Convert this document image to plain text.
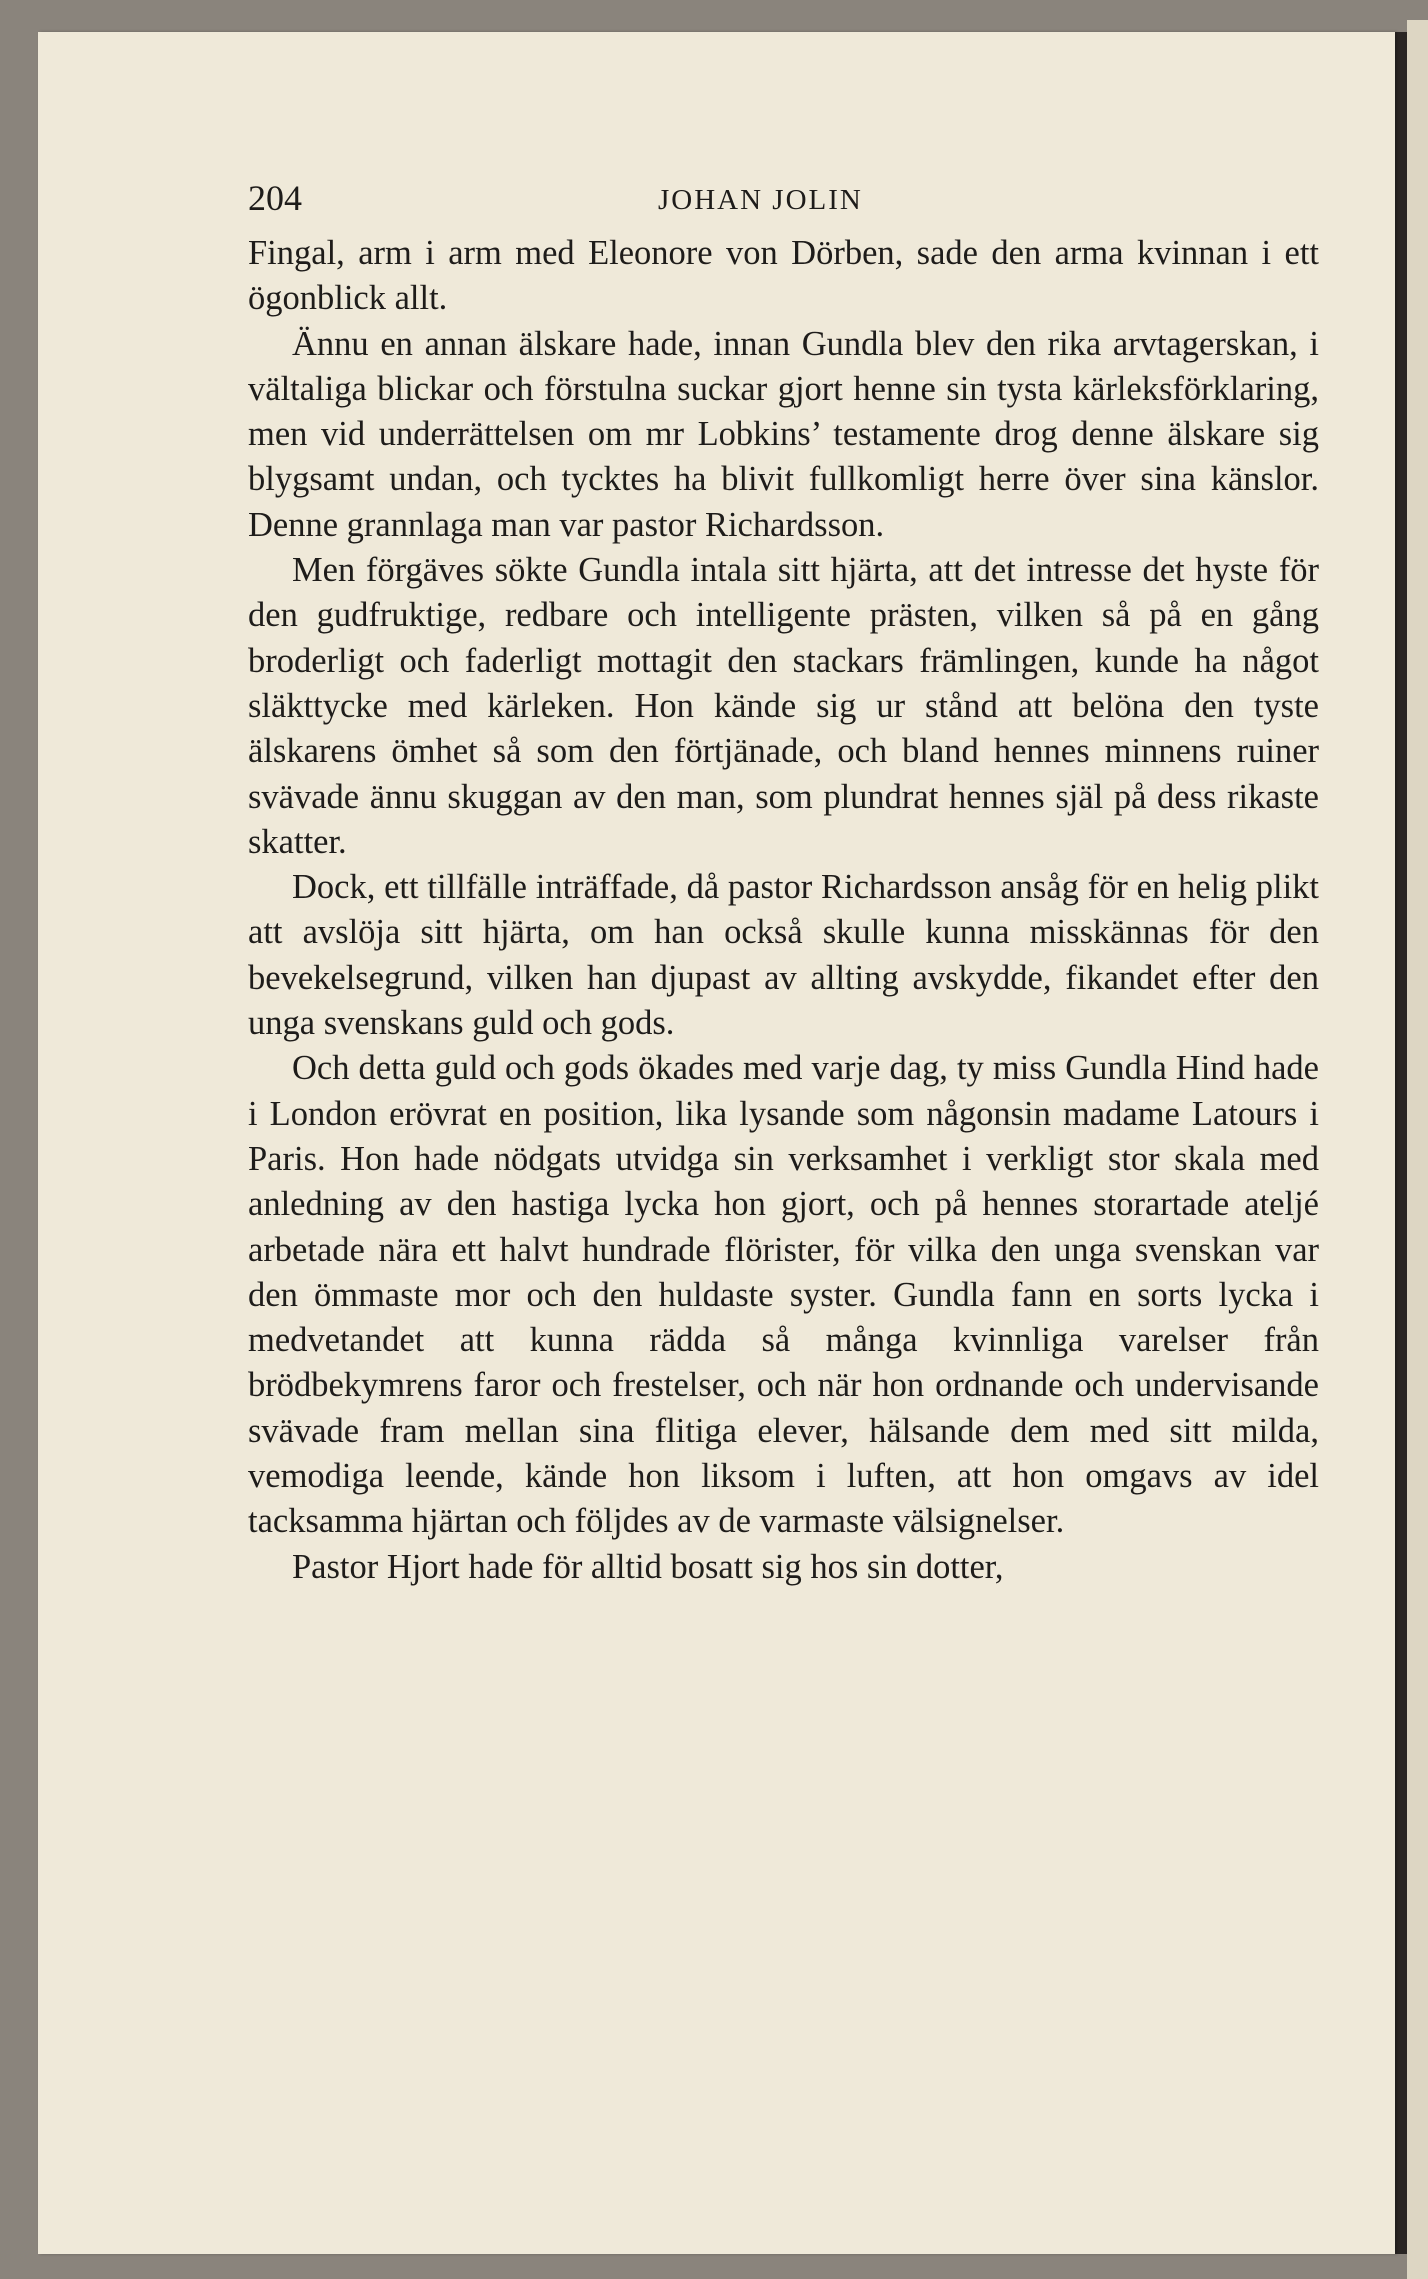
204	JOHAN JOLIN

Fingal, arm i arm med Eleonore von Dörben, sade den arma kvinnan i ett ögonblick allt.

Ännu en annan älskare hade, innan Gundla blev den rika arvtagerskan, i vältaliga blickar och förstulna suckar gjort henne sin tysta kärleksförklaring, men vid underrättelsen om mr Lobkins’ testamente drog denne älskare sig blygsamt undan, och tycktes ha blivit fullkomligt herre över sina känslor. Denne grannlaga man var pastor Richardsson.

Men förgäves sökte Gundla intala sitt hjärta, att det intresse det hyste för den gudfruktige, redbare och intelligente prästen, vilken så på en gång broderligt och faderligt mottagit den stackars främlingen, kunde ha något släkttycke med kärleken. Hon kände sig ur stånd att belöna den tyste älskarens ömhet så som den förtjänade, och bland hennes minnens ruiner svävade ännu skuggan av den man, som plundrat hennes själ på dess rikaste skatter.

Dock, ett tillfälle inträffade, då pastor Richardsson ansåg för en helig plikt att avslöja sitt hjärta, om han också skulle kunna misskännas för den bevekelsegrund, vilken han djupast av allting avskydde, fikandet efter den unga svenskans guld och gods.

Och detta guld och gods ökades med varje dag, ty miss Gundla Hind hade i London erövrat en position, lika lysande som någonsin madame Latours i Paris. Hon hade nödgats utvidga sin verksamhet i verkligt stor skala med anledning av den hastiga lycka hon gjort, och på hennes storartade ateljé arbetade nära ett halvt hundrade flörister, för vilka den unga svenskan var den ömmaste mor och den huldaste syster. Gundla fann en sorts lycka i medvetandet att kunna rädda så många kvinnliga varelser från brödbekymrens faror och frestelser, och när hon ordnande och undervisande svävade fram mellan sina flitiga elever, hälsande dem med sitt milda, vemodiga leende, kände hon liksom i luften, att hon omgavs av idel tacksamma hjärtan och följdes av de varmaste välsignelser.

Pastor Hjort hade för alltid bosatt sig hos sin dotter,
